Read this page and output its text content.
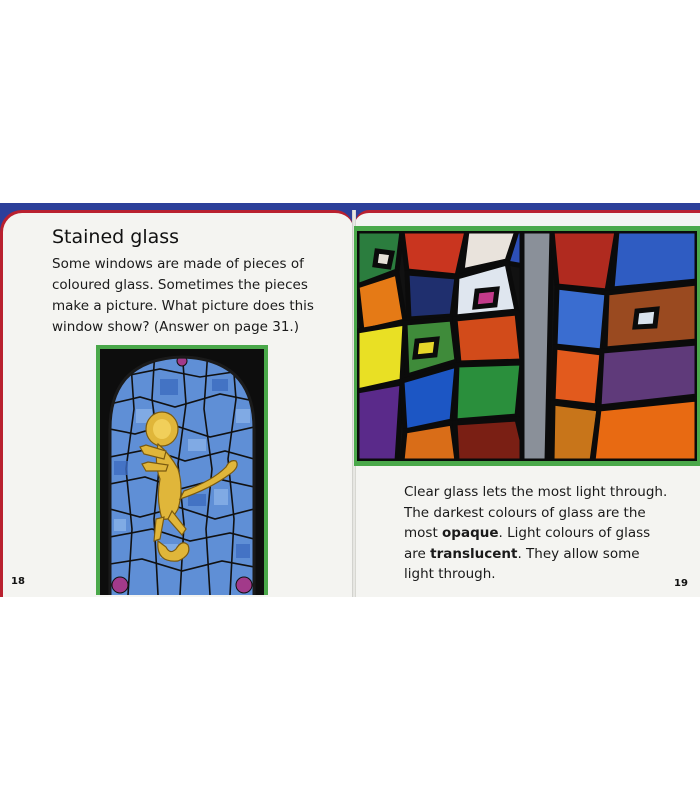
Stained glass
Some windows are made of pieces of
coloured glass. Sometimes the pieces
make a picture. What picture does this
window show? (Answer on page 31.)
Clear glass lets the most light through.
The darkest colours of glass are the
most opaque. Light colours of glass
are translucent. They allow some
light through.
18	19
